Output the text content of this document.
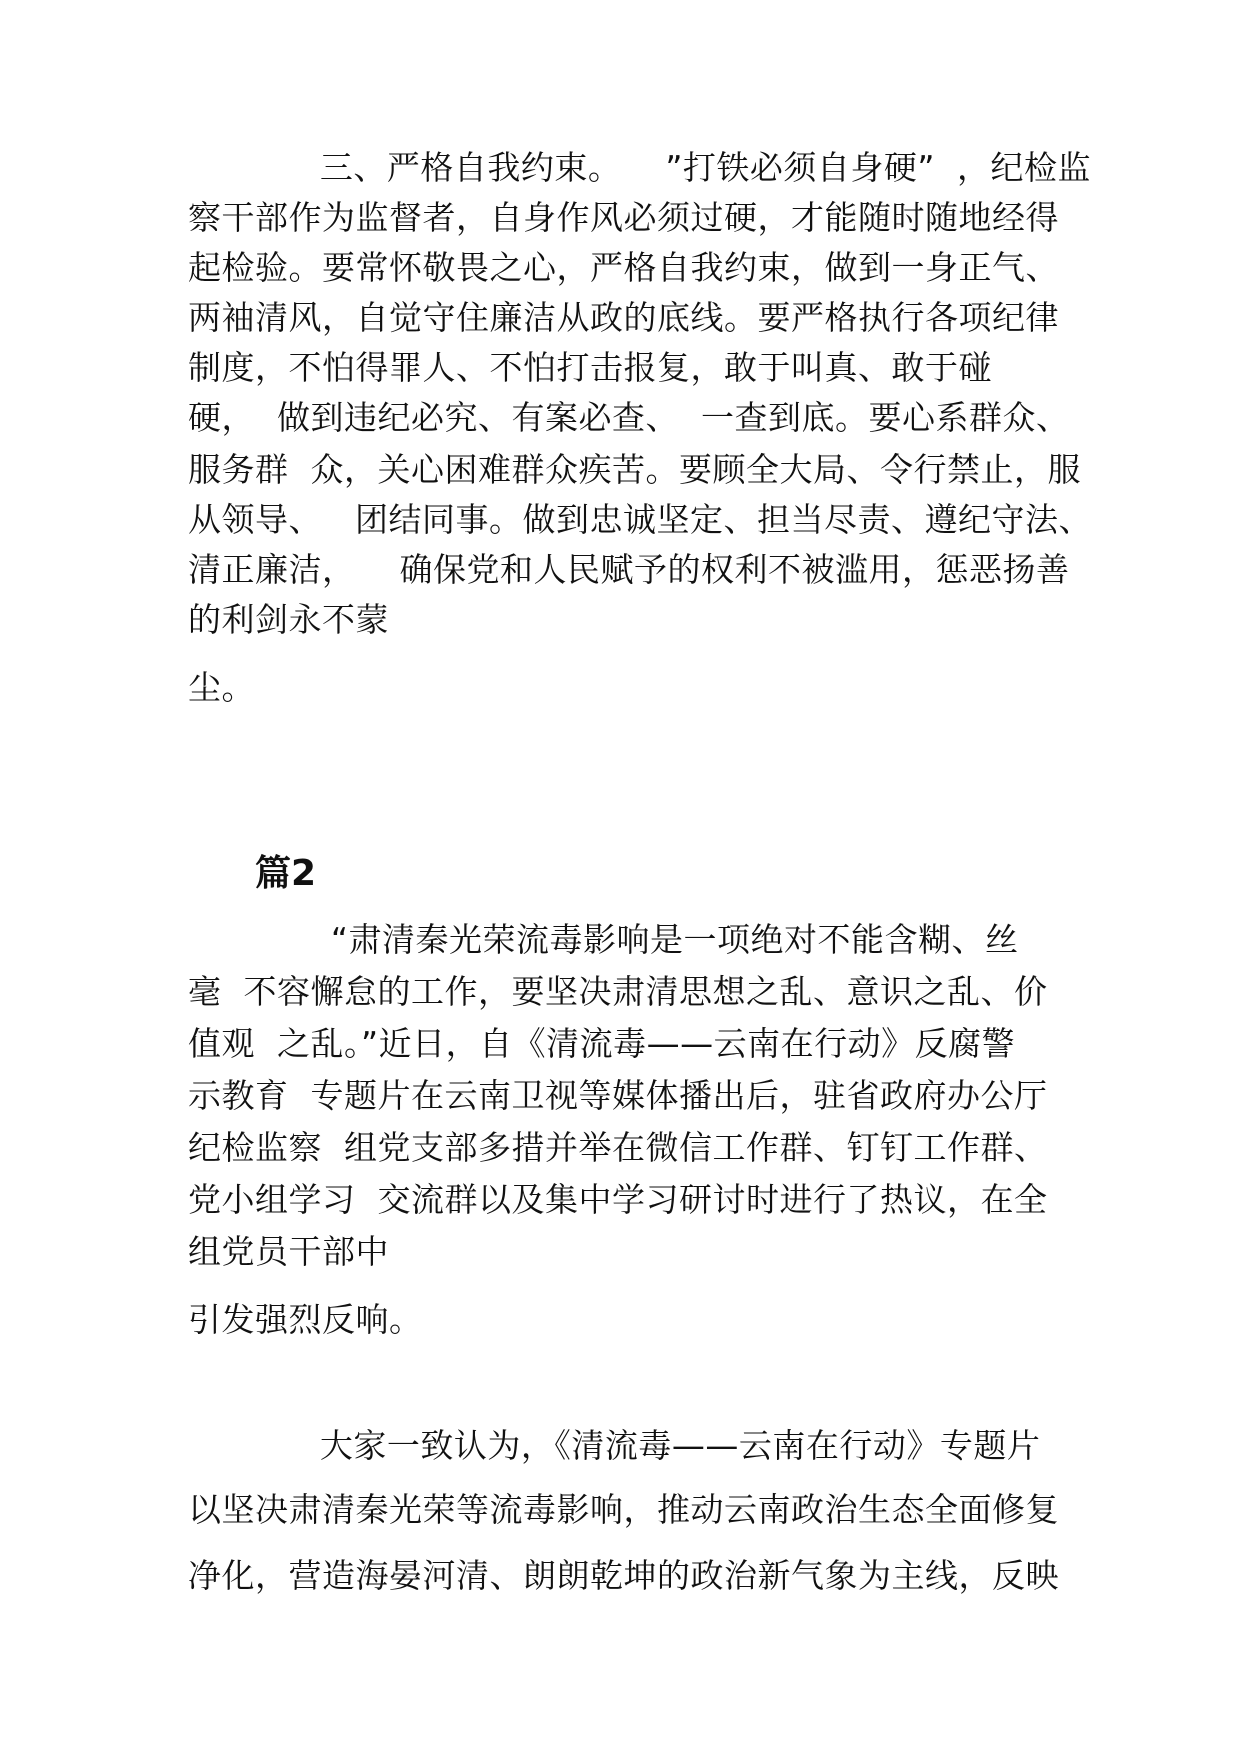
三、严格自我约束。    ”打铁必须自身硬”  ，纪检监
察干部作为监督者，自身作风必须过硬，才能随时随地经得
起检验。要常怀敬畏之心，严格自我约束，做到一身正气、
两袖清风，自觉守住廉洁从政的底线。要严格执行各项纪律
制度，不怕得罪人、不怕打击报复，敢于叫真、敢于碰
硬，  做到违纪必究、有案必查、  一查到底。要心系群众、
服务群  众，关心困难群众疾苦。要顾全大局、令行禁止，服
从领导、   团结同事。做到忠诚坚定、担当尽责、遵纪守法、
清正廉洁，    确保党和人民赋予的权利不被滥用，惩恶扬善
的利剑永不蒙
尘。
篇2
“肃清秦光荣流毒影响是一项绝对不能含糊、丝
毫  不容懈怠的工作，要坚决肃清思想之乱、意识之乱、价
值观  之乱。”近日，自《清流毒——云南在行动》反腐警
示教育  专题片在云南卫视等媒体播出后，驻省政府办公厅
纪检监察  组党支部多措并举在微信工作群、钉钉工作群、
党小组学习  交流群以及集中学习研讨时进行了热议，在全
组党员干部中
引发强烈反响。
大家一致认为，《清流毒——云南在行动》专题片
以坚决肃清秦光荣等流毒影响，推动云南政治生态全面修复
净化，营造海晏河清、朗朗乾坤的政治新气象为主线，反映
